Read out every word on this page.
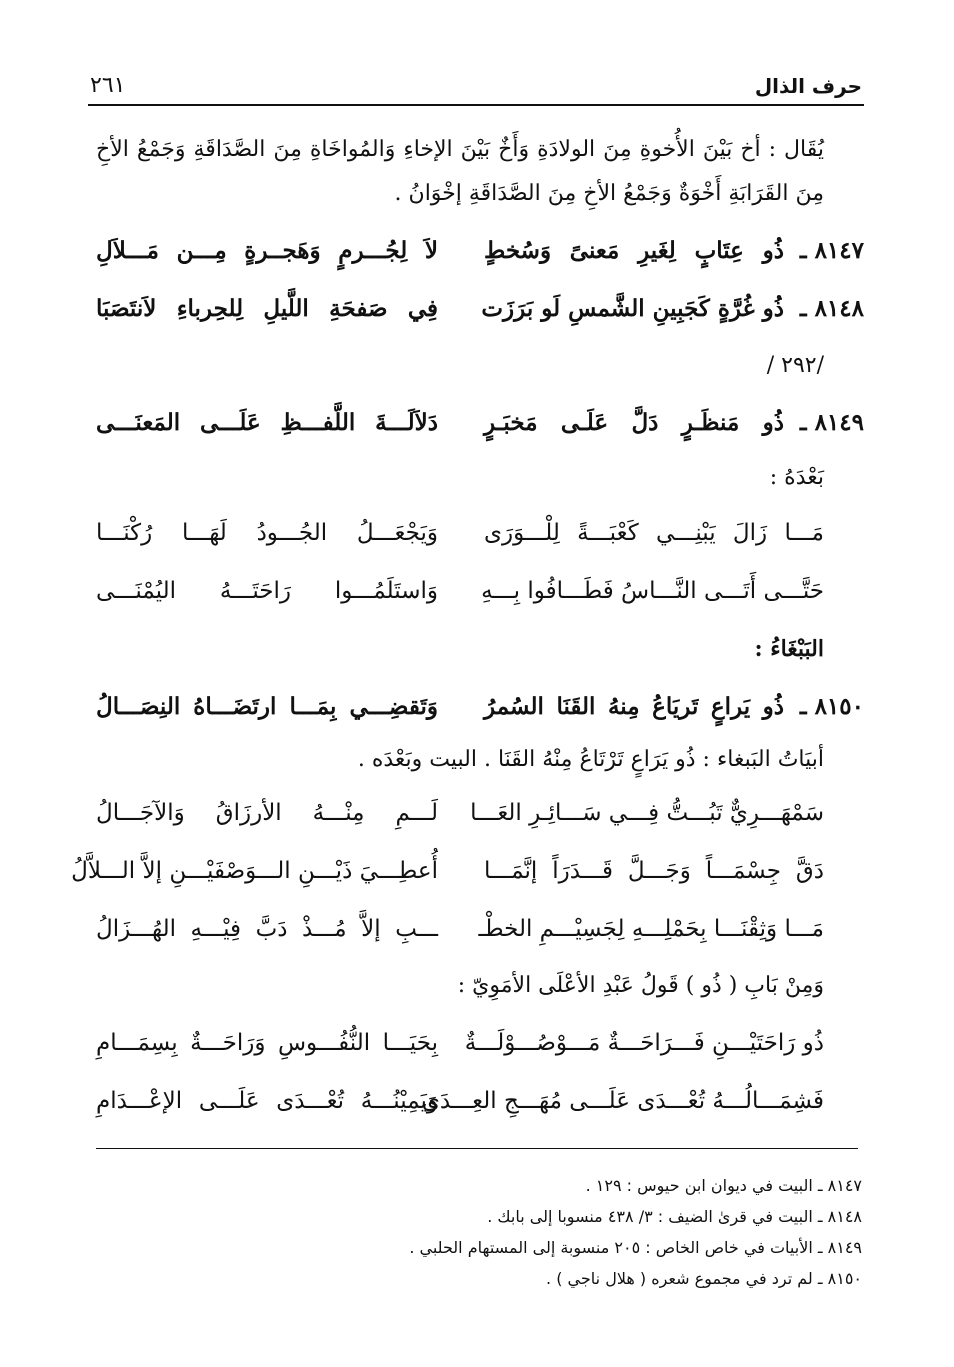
حرف الذال
٢٦١

يُقَال : أخ بَيْنَ الأُخوةِ مِنَ الولادَةِ وَأَخٌ بَيْنَ الإخاءِ وَالمُواخَاةِ مِنَ الصَّدَاقَةِ وَجَمْعُ الأخِ مِنَ القَرَابَةِ أَخْوَةٌ وَجَمْعُ الأخِ مِنَ الصَّدَاقَةِ إخْوَانُ .

٨١٤٧ ـ
ذُو عِتَابٍ لِغَيرِ مَعنىً وَسُخطٍ
لاَ لِجُـــرمٍ وَهَجــرةٍ مِـــن مَـــلاَلِ
٨١٤٨ ـ
ذُو غُرَّةٍ كَجَبِينِ الشَّمسِ لَو بَرَزَت
فِي صَفحَةِ اللَّيلِ لِلحِرباءِ لاَنتَصَبَا

/٢٩٢ /

٨١٤٩ ـ
ذُو مَنظَـرٍ دَلَّ عَلَـى مَخبَـرٍ
دَلاَلَـــةَ اللَّفـــظِ عَلَـــى المَعنَـــى

بَعْدَهُ :

مَـــا زَالَ يَبْنِـــي كَعْبَـــةً لِلْـــوَرَى
وَيَجْعَـــلُ الجُـــودُ لَهَـــا رُكْنَـــا
حَتَّـــى أَتَـــى النَّـــاسُ فَطَـــافُوا بِـــهِ
وَاستَلَمُـــوا رَاحَتَـــهُ اليُمْنَـــى

البَبْغَاءُ :

٨١٥٠ ـ
ذُو يَراعٍ تَريَاعُ مِنهُ القَنَا السُمرُ
وَتَقضِـــي بِمَـــا ارتَضَـــاهُ النِصَـــالُ

أبيَاتُ البَبغاء : ذُو يَرَاعٍ تَرْتَاعُ مِنْهُ القَنَا . البيت وبَعْدَه .

سَمْهَـــرِيٌّ تَبُـــتُّ فِـــي سَـــائِـرِ العَـــا
لَـــمِ مِنْـــهُ الأرزَاقُ وَالآجَـــالُ
دَقَّ جِسْمَـــاً وَجَـــلَّ قَـــدَرَاً إنَّمَـــا
أُعطِـــيَ ذَيْـــنِ الـــوَصْفَيْـــنِ إلاَّ الـــلاَّلُ
مَـــا وَثِقْنَـــا بِحَمْلِـــهِ لِجَسِيْـــمِ الخطْـ
ـــبِ إلاَّ مُـــذْ دَبَّ فِيْـــهِ الهُـــزَالُ

وَمِنْ بَابِ ( ذُو ) قَولُ عَبْدِ الأعْلَى الأمَوِيّ :

ذُو رَاحَتَيْـــنِ فَـــرَاحَـــةٌ مَـــوْصُـــوْلَـــةٌ
بِحَيَـــا النُّفُـــوسِ وَرَاحَـــةٌ بِسِمَـــامِ
فَشِمَـــالُـــهُ تُعْـــدَى عَلَـــى مُهَـــجِ العِـــدَى
وَيَمِيْنُـــهُ تُعْـــدَى عَلَـــى الإعْـــدَامِ
٨١٤٧ ـ البيت في ديوان ابن حيوس : ١٢٩ .
٨١٤٨ ـ البيت في قرىٰ الضيف : ٣/ ٤٣٨ منسوبا إلى بابك .
٨١٤٩ ـ الأبيات في خاص الخاص : ٢٠٥ منسوبة إلى المستهام الحلبي .
٨١٥٠ ـ لم ترد في مجموع شعره ( هلال ناجي ) .
